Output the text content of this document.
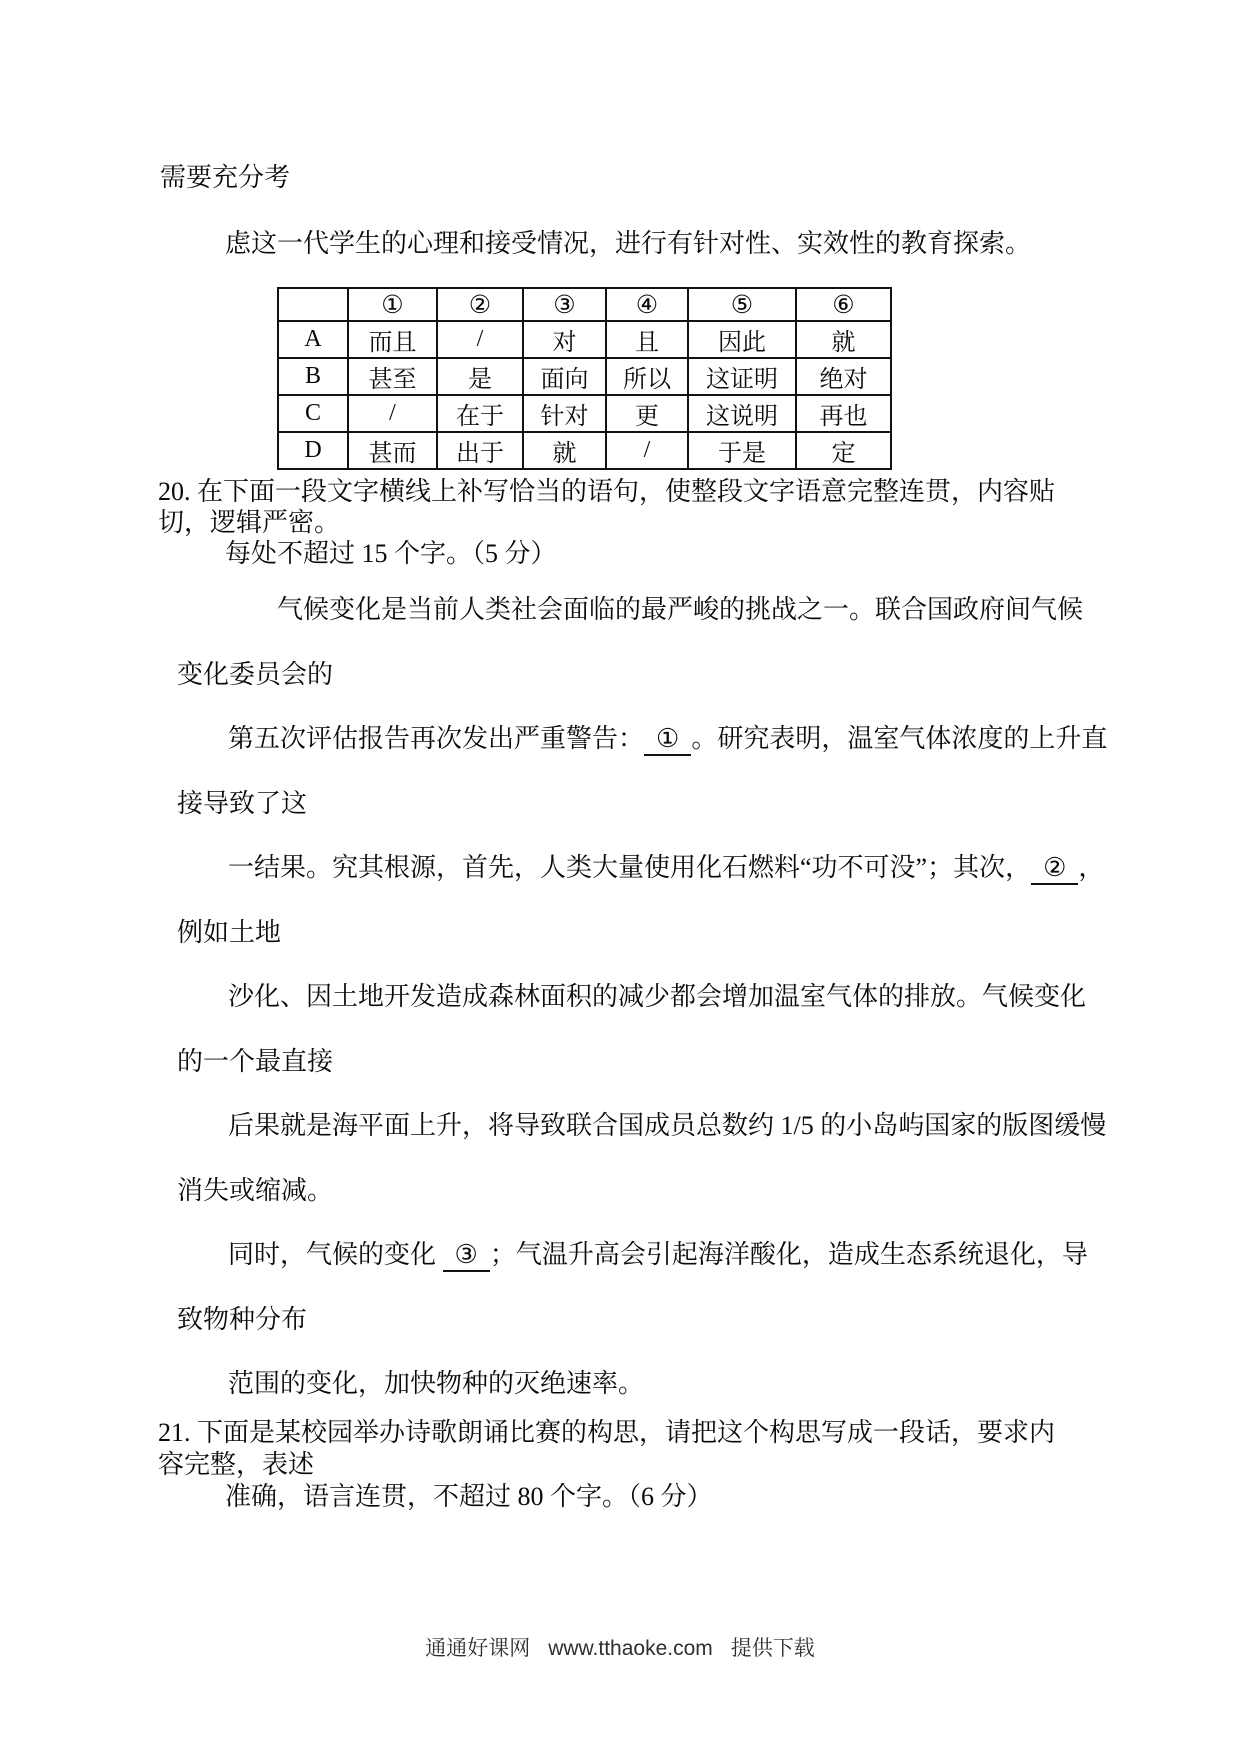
需要充分考
虑这一代学生的心理和接受情况，进行有针对性、实效性的教育探索。
	①	②	③	④	⑤	⑥
A	而且	/	对	且	因此	就
B	甚至	是	面向	所以	这证明	绝对
C	/	在于	针对	更	这说明	再也
D	甚而	出于	就	/	于是	定
20. 在下面一段文字横线上补写恰当的语句，使整段文字语意完整连贯，内容贴
切，逻辑严密。
每处不超过 15 个字。（5 分）
气候变化是当前人类社会面临的最严峻的挑战之一。联合国政府间气候
变化委员会的
第五次评估报告再次发出严重警告： ① 。研究表明，温室气体浓度的上升直
接导致了这
一结果。究其根源，首先，人类大量使用化石燃料“功不可没”；其次， ② ，
例如土地
沙化、因土地开发造成森林面积的减少都会增加温室气体的排放。气候变化
的一个最直接
后果就是海平面上升，将导致联合国成员总数约 1/5 的小岛屿国家的版图缓慢
消失或缩减。
同时，气候的变化 ③ ；气温升高会引起海洋酸化，造成生态系统退化，导
致物种分布
范围的变化，加快物种的灭绝速率。
21. 下面是某校园举办诗歌朗诵比赛的构思，请把这个构思写成一段话，要求内
容完整，表述
准确，语言连贯，不超过 80 个字。（6 分）
通通好课网 www.tthaoke.com 提供下载
